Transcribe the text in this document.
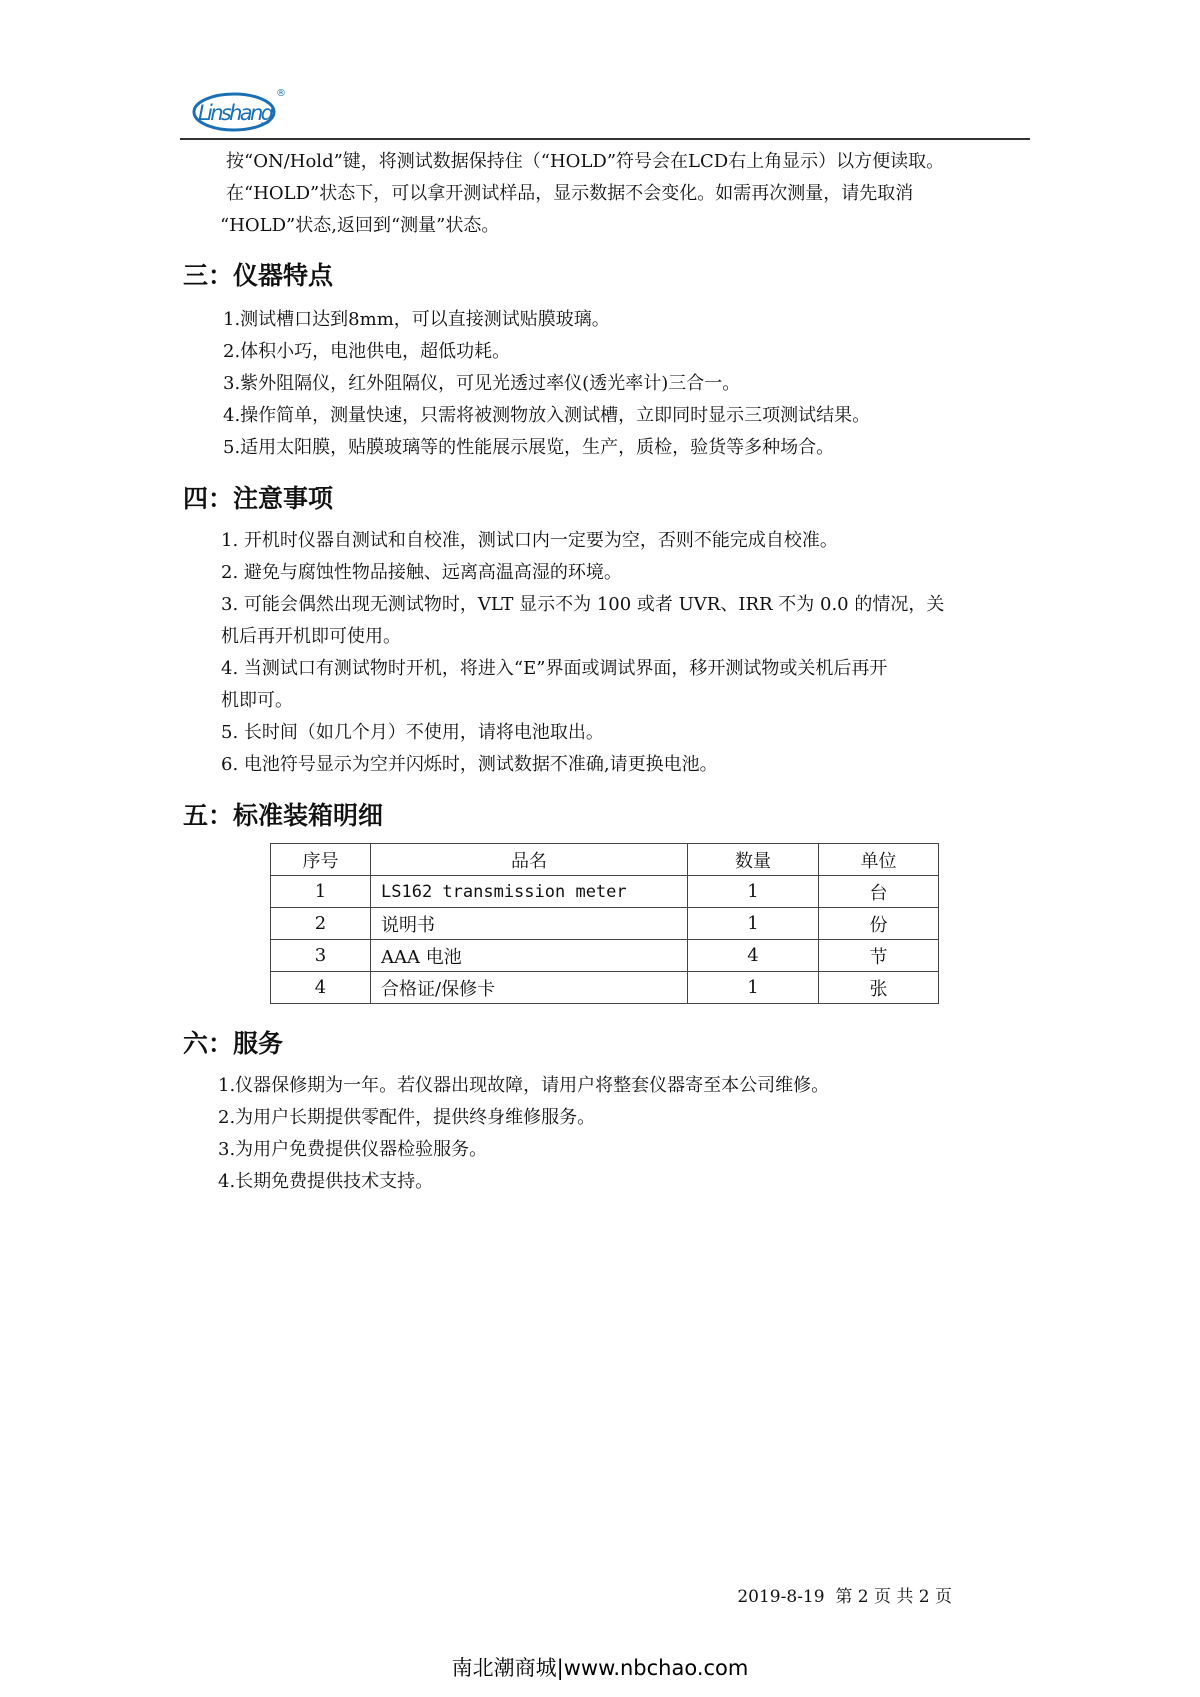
Linshang
®
按“ON/Hold”键，将测试数据保持住（“HOLD”符号会在LCD右上角显示）以方便读取。
在“HOLD”状态下，可以拿开测试样品，显示数据不会变化。如需再次测量，请先取消
“HOLD”状态,返回到“测量”状态。
三：仪器特点
1.测试槽口达到8mm，可以直接测试贴膜玻璃。
2.体积小巧，电池供电，超低功耗。
3.紫外阻隔仪，红外阻隔仪，可见光透过率仪(透光率计)三合一。
4.操作简单，测量快速，只需将被测物放入测试槽，立即同时显示三项测试结果。
5.适用太阳膜，贴膜玻璃等的性能展示展览，生产，质检，验货等多种场合。
四：注意事项
1. 开机时仪器自测试和自校准，测试口内一定要为空，否则不能完成自校准。
2. 避免与腐蚀性物品接触、远离高温高湿的环境。
3. 可能会偶然出现无测试物时，VLT 显示不为 100 或者 UVR、IRR 不为 0.0 的情况，关
机后再开机即可使用。
4. 当测试口有测试物时开机，将进入“E”界面或调试界面，移开测试物或关机后再开
机即可。
5. 长时间（如几个月）不使用，请将电池取出。
6. 电池符号显示为空并闪烁时，测试数据不准确,请更换电池。
五：标准装箱明细
序号	品名	数量	单位
1	LS162 transmission meter	1	台
2	说明书	1	份
3	AAA 电池	4	节
4	合格证/保修卡	1	张
六：服务
1.仪器保修期为一年。若仪器出现故障，请用户将整套仪器寄至本公司维修。
2.为用户长期提供零配件，提供终身维修服务。
3.为用户免费提供仪器检验服务。
4.长期免费提供技术支持。
2019-8-19  第 2 页 共 2 页
南北潮商城|www.nbchao.com
